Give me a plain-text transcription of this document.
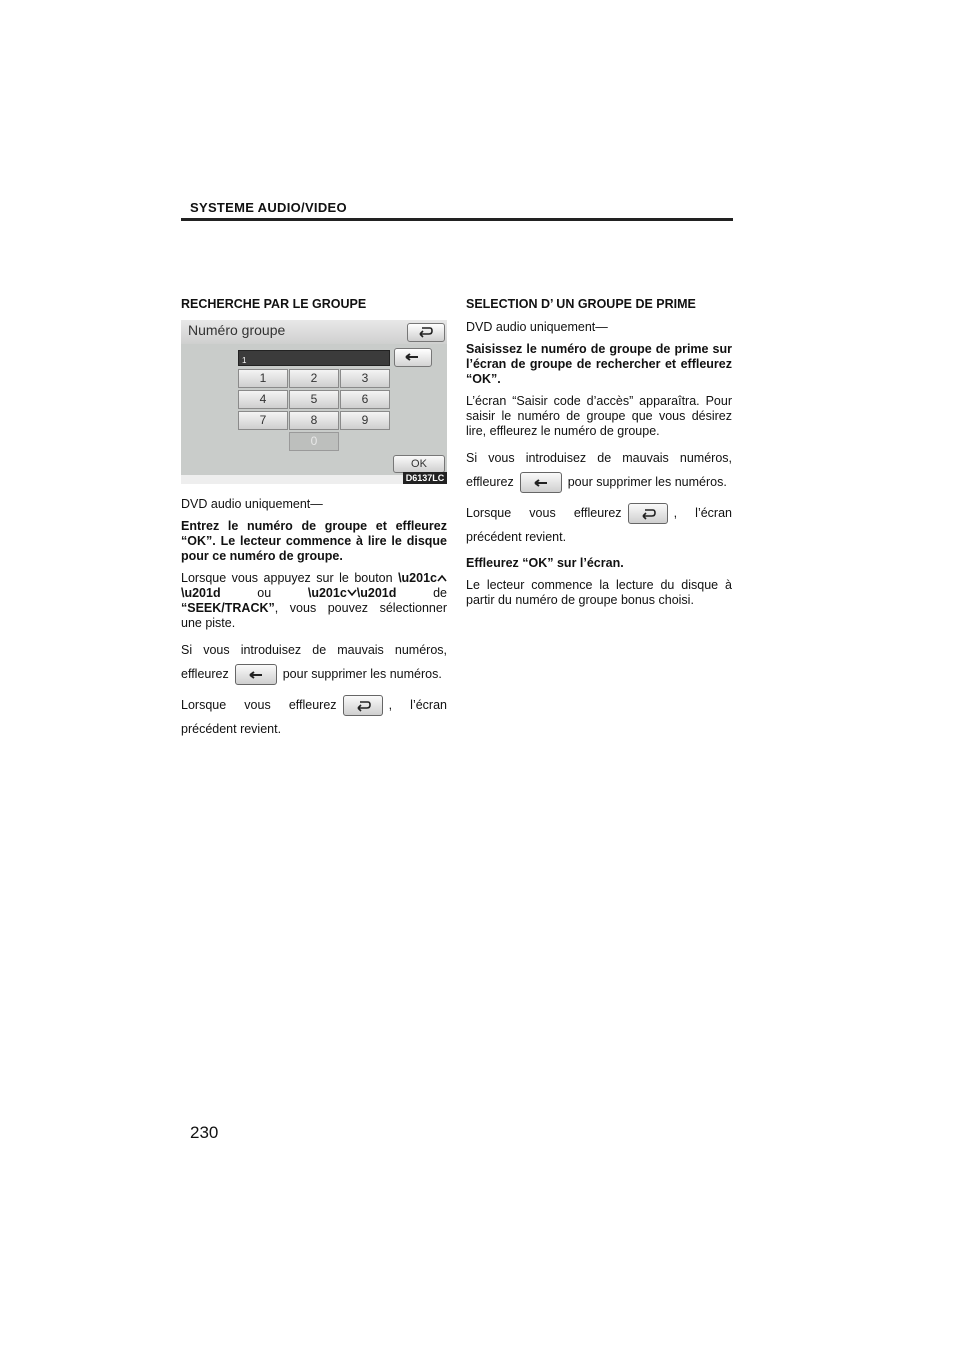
SYSTEME AUDIO/VIDEO
RECHERCHE PAR LE GROUPE
Numéro groupe
1
1	2	3
4	5	6
7	8	9
0
OK
D6137LC

DVD audio uniquement—

Entrez le numéro de groupe et effleurez “OK”. Le lecteur commence à lire le disque pour ce numéro de groupe.

Lorsque vous appuyez sur le bouton \u201c\u201d ou \u201c \u201d de “SEEK/TRACK”, vous pouvez sélectionner une piste.

Si vous introduisez de mauvais numéros, effleurez	pour supprimer les numéros.

Lorsque vous effleurez	, l’écran précédent revient.

SELECTION D’ UN GROUPE DE PRIME

DVD audio uniquement—

Saisissez le numéro de groupe de prime sur l’écran de groupe de rechercher et effleurez “OK”.

L’écran “Saisir code d’accès” apparaîtra. Pour saisir le numéro de groupe que vous désirez lire, effleurez le numéro de groupe.

Si vous introduisez de mauvais numéros, effleurez	pour supprimer les numéros.

Lorsque vous effleurez	, l’écran précédent revient.

Effleurez “OK” sur l’écran.

Le lecteur commence la lecture du disque à partir du numéro de groupe bonus choisi.

230
